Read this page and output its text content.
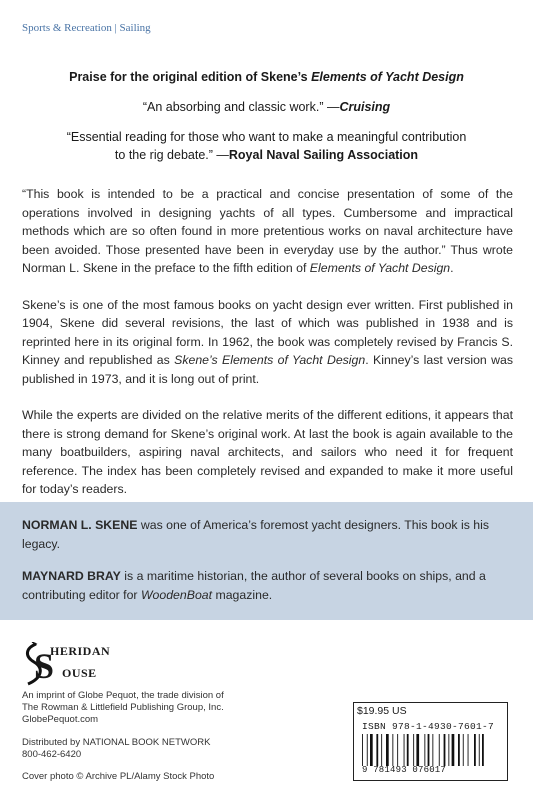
Sports & Recreation | Sailing
Praise for the original edition of Skene’s Elements of Yacht Design
“An absorbing and classic work.” —Cruising
“Essential reading for those who want to make a meaningful contribution
to the rig debate.” —Royal Naval Sailing Association

“This book is intended to be a practical and concise presentation of some of the operations involved in designing yachts of all types. Cumbersome and impractical methods which are so often found in more pretentious works on naval architecture have been avoided. Those presented have been in everyday use by the author.” Thus wrote Norman L. Skene in the preface to the fifth edition of Elements of Yacht Design.

Skene’s is one of the most famous books on yacht design ever written. First published in 1904, Skene did several revisions, the last of which was published in 1938 and is reprinted here in its original form. In 1962, the book was completely revised by Francis S. Kinney and republished as Skene’s Elements of Yacht Design. Kinney’s last version was published in 1973, and it is long out of print.

While the experts are divided on the relative merits of the different editions, it appears that there is strong demand for Skene’s original work. At last the book is again available to the many boatbuilders, aspiring naval architects, and sailors who need it for frequent reference. The index has been completely revised and expanded to make it more useful for today’s readers.

NORMAN L. SKENE was one of America’s foremost yacht designers. This book is his legacy.

MAYNARD BRAY is a maritime historian, the author of several books on ships, and a contributing editor for WoodenBoat magazine.

S
HERIDAN
OUSE
An imprint of Globe Pequot, the trade division of
The Rowman & Littlefield Publishing Group, Inc.
GlobePequot.com
Distributed by NATIONAL BOOK NETWORK
800-462-6420
Cover photo © Archive PL/Alamy Stock Photo
$19.95 US
ISBN 978-1-4930-7601-7
9 781493 076017
